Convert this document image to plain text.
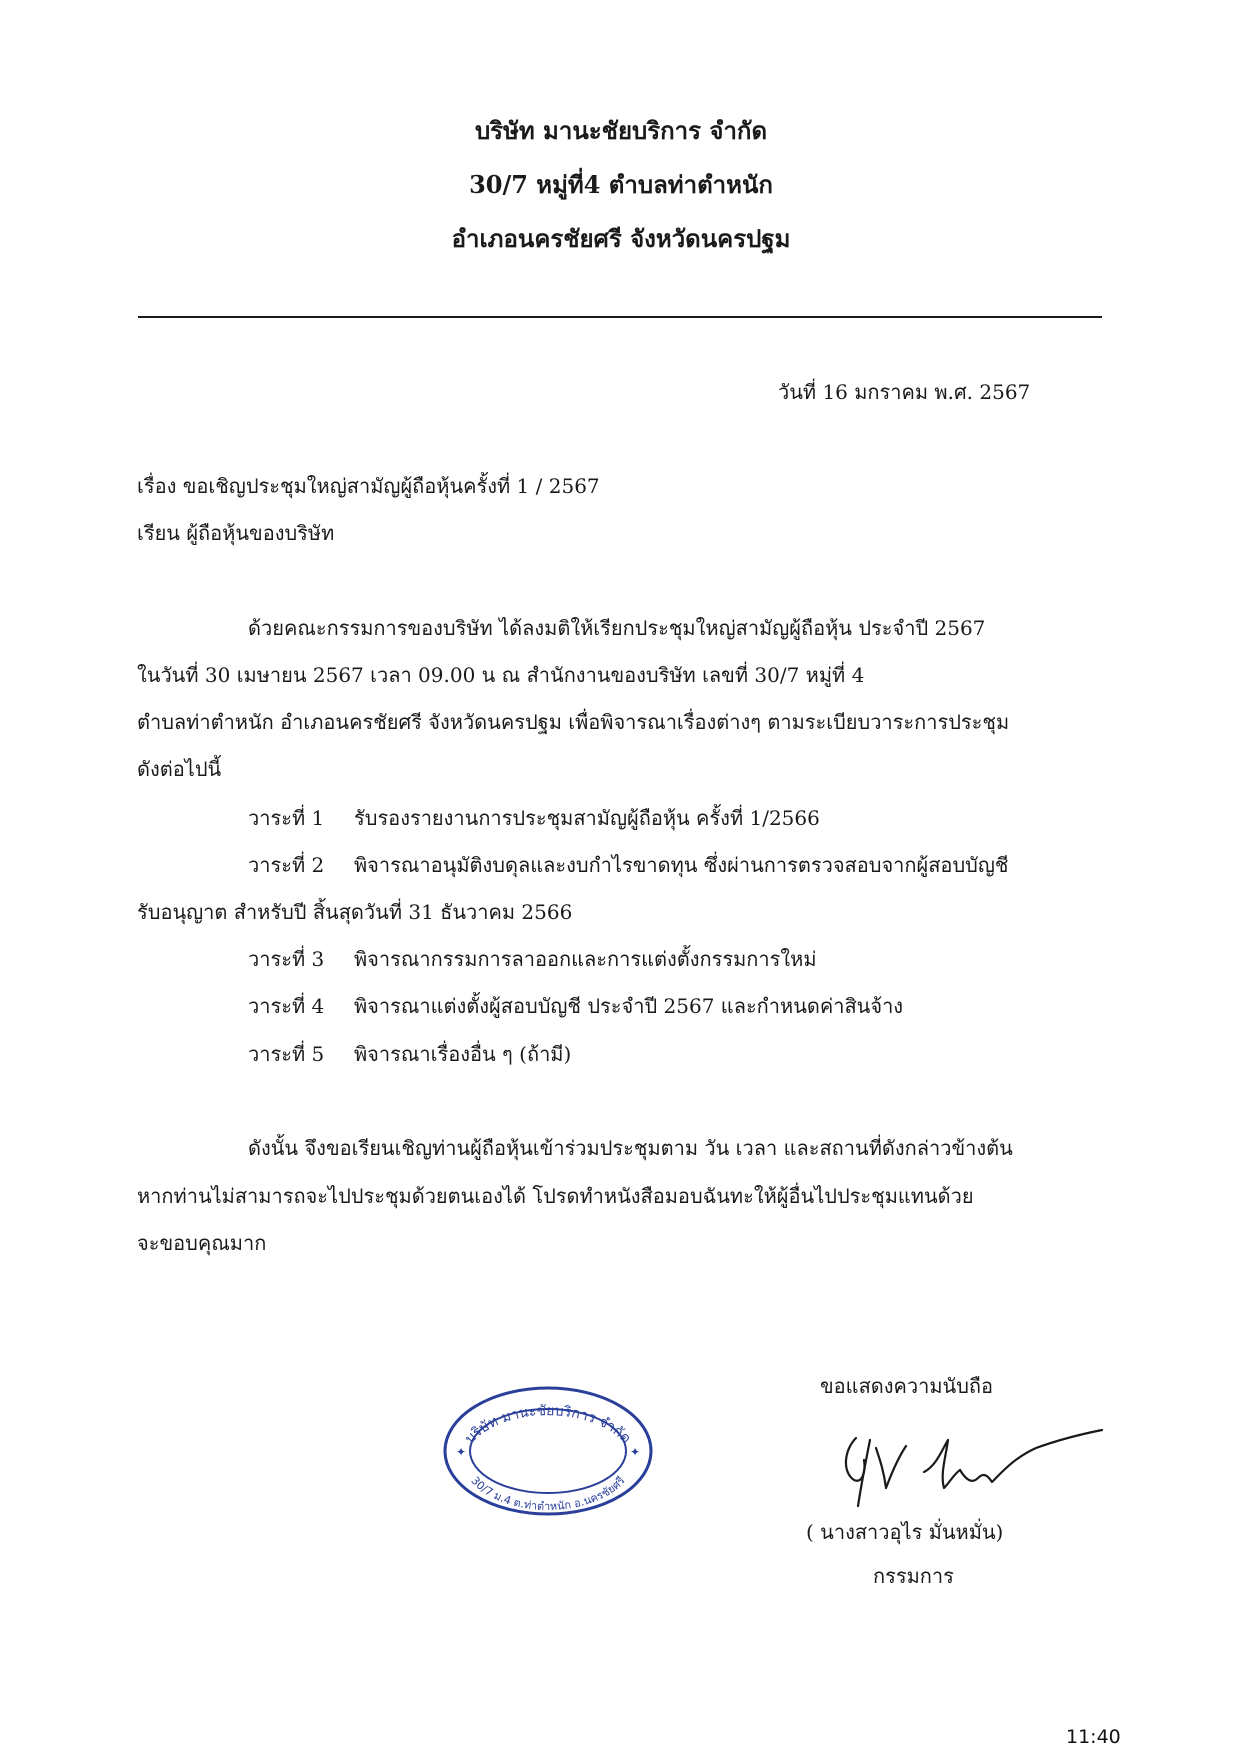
บริษัท มานะชัยบริการ จำกัด
30/7 หมู่ที่4 ตำบลท่าตำหนัก
อำเภอนครชัยศรี จังหวัดนครปฐม
วันที่ 16 มกราคม พ.ศ. 2567
เรื่อง ขอเชิญประชุมใหญ่สามัญผู้ถือหุ้นครั้งที่ 1 / 2567
เรียน ผู้ถือหุ้นของบริษัท
ด้วยคณะกรรมการของบริษัท ได้ลงมติให้เรียกประชุมใหญ่สามัญผู้ถือหุ้น ประจำปี 2567
ในวันที่ 30 เมษายน 2567 เวลา 09.00 น ณ สำนักงานของบริษัท เลขที่ 30/7 หมู่ที่ 4
ตำบลท่าตำหนัก อำเภอนครชัยศรี จังหวัดนครปฐม เพื่อพิจารณาเรื่องต่างๆ ตามระเบียบวาระการประชุม
ดังต่อไปนี้
วาระที่ 1 รับรองรายงานการประชุมสามัญผู้ถือหุ้น ครั้งที่ 1/2566
วาระที่ 2 พิจารณาอนุมัติงบดุลและงบกำไรขาดทุน ซึ่งผ่านการตรวจสอบจากผู้สอบบัญชี
รับอนุญาต สำหรับปี สิ้นสุดวันที่ 31 ธันวาคม 2566
วาระที่ 3 พิจารณากรรมการลาออกและการแต่งตั้งกรรมการใหม่
วาระที่ 4 พิจารณาแต่งตั้งผู้สอบบัญชี ประจำปี 2567 และกำหนดค่าสินจ้าง
วาระที่ 5 พิจารณาเรื่องอื่น ๆ (ถ้ามี)
ดังนั้น จึงขอเรียนเชิญท่านผู้ถือหุ้นเข้าร่วมประชุมตาม วัน เวลา และสถานที่ดังกล่าวข้างต้น
หากท่านไม่สามารถจะไปประชุมด้วยตนเองได้ โปรดทำหนังสือมอบฉันทะให้ผู้อื่นไปประชุมแทนด้วย
จะขอบคุณมาก
ขอแสดงความนับถือ
บริษัท มานะชัยบริการ จำกัด
30/7 ม.4 ต.ท่าตำหนัก อ.นครชัยศรี
✦	✦
( นางสาวอุไร มั่นหมั่น)
กรรมการ
11:40
